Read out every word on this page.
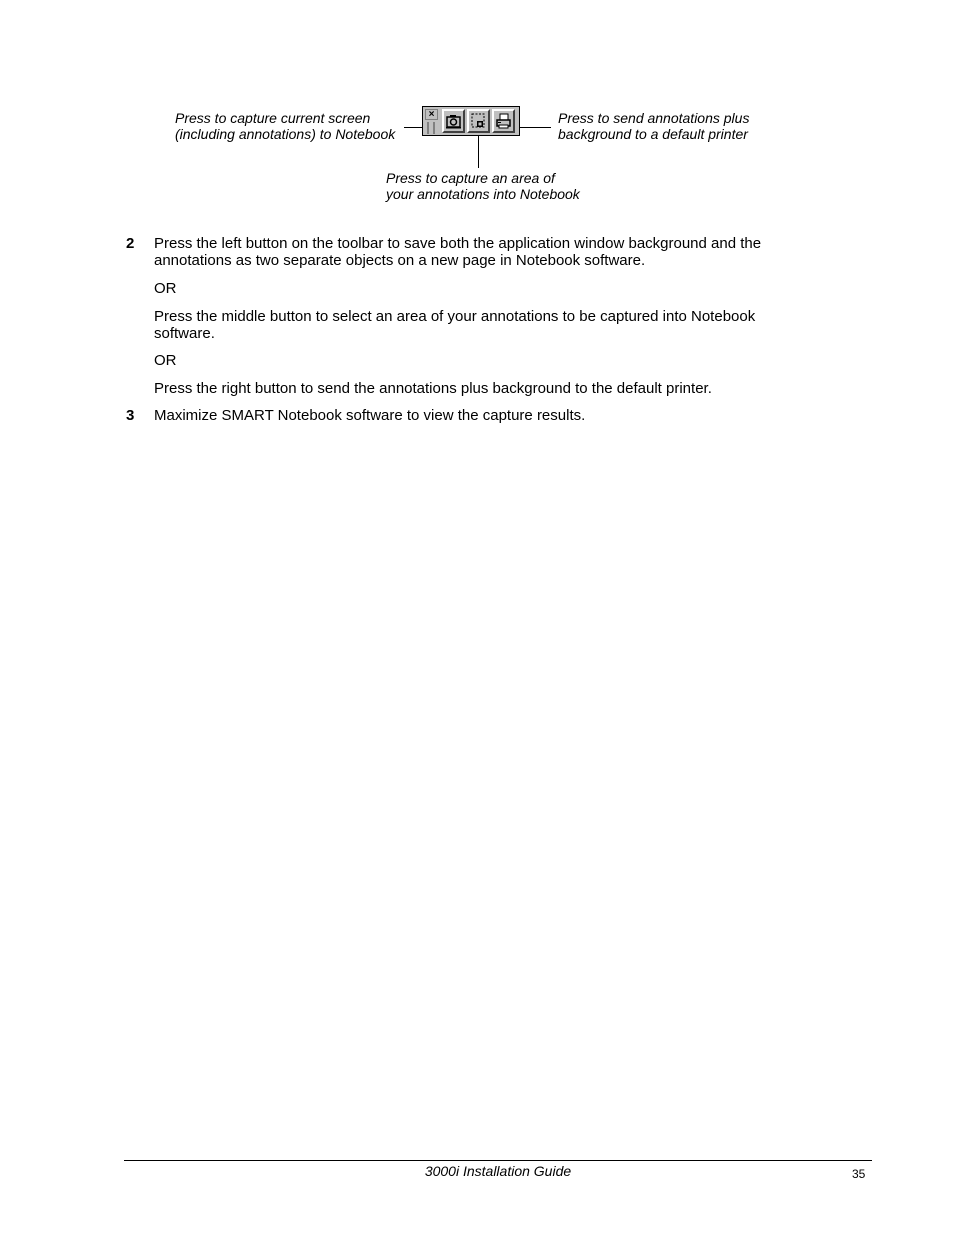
Press to capture current screen
(including annotations) to Notebook
Press to send annotations plus
background to a default printer
Press to capture an area of
your annotations into Notebook
×
2 Press the left button on the toolbar to save both the application window background and the annotations as two separate objects on a new page in Notebook software.
OR
Press the middle button to select an area of your annotations to be captured into Notebook software.
OR
Press the right button to send the annotations plus background to the default printer.
3 Maximize SMART Notebook software to view the capture results.
3000i Installation Guide	35
